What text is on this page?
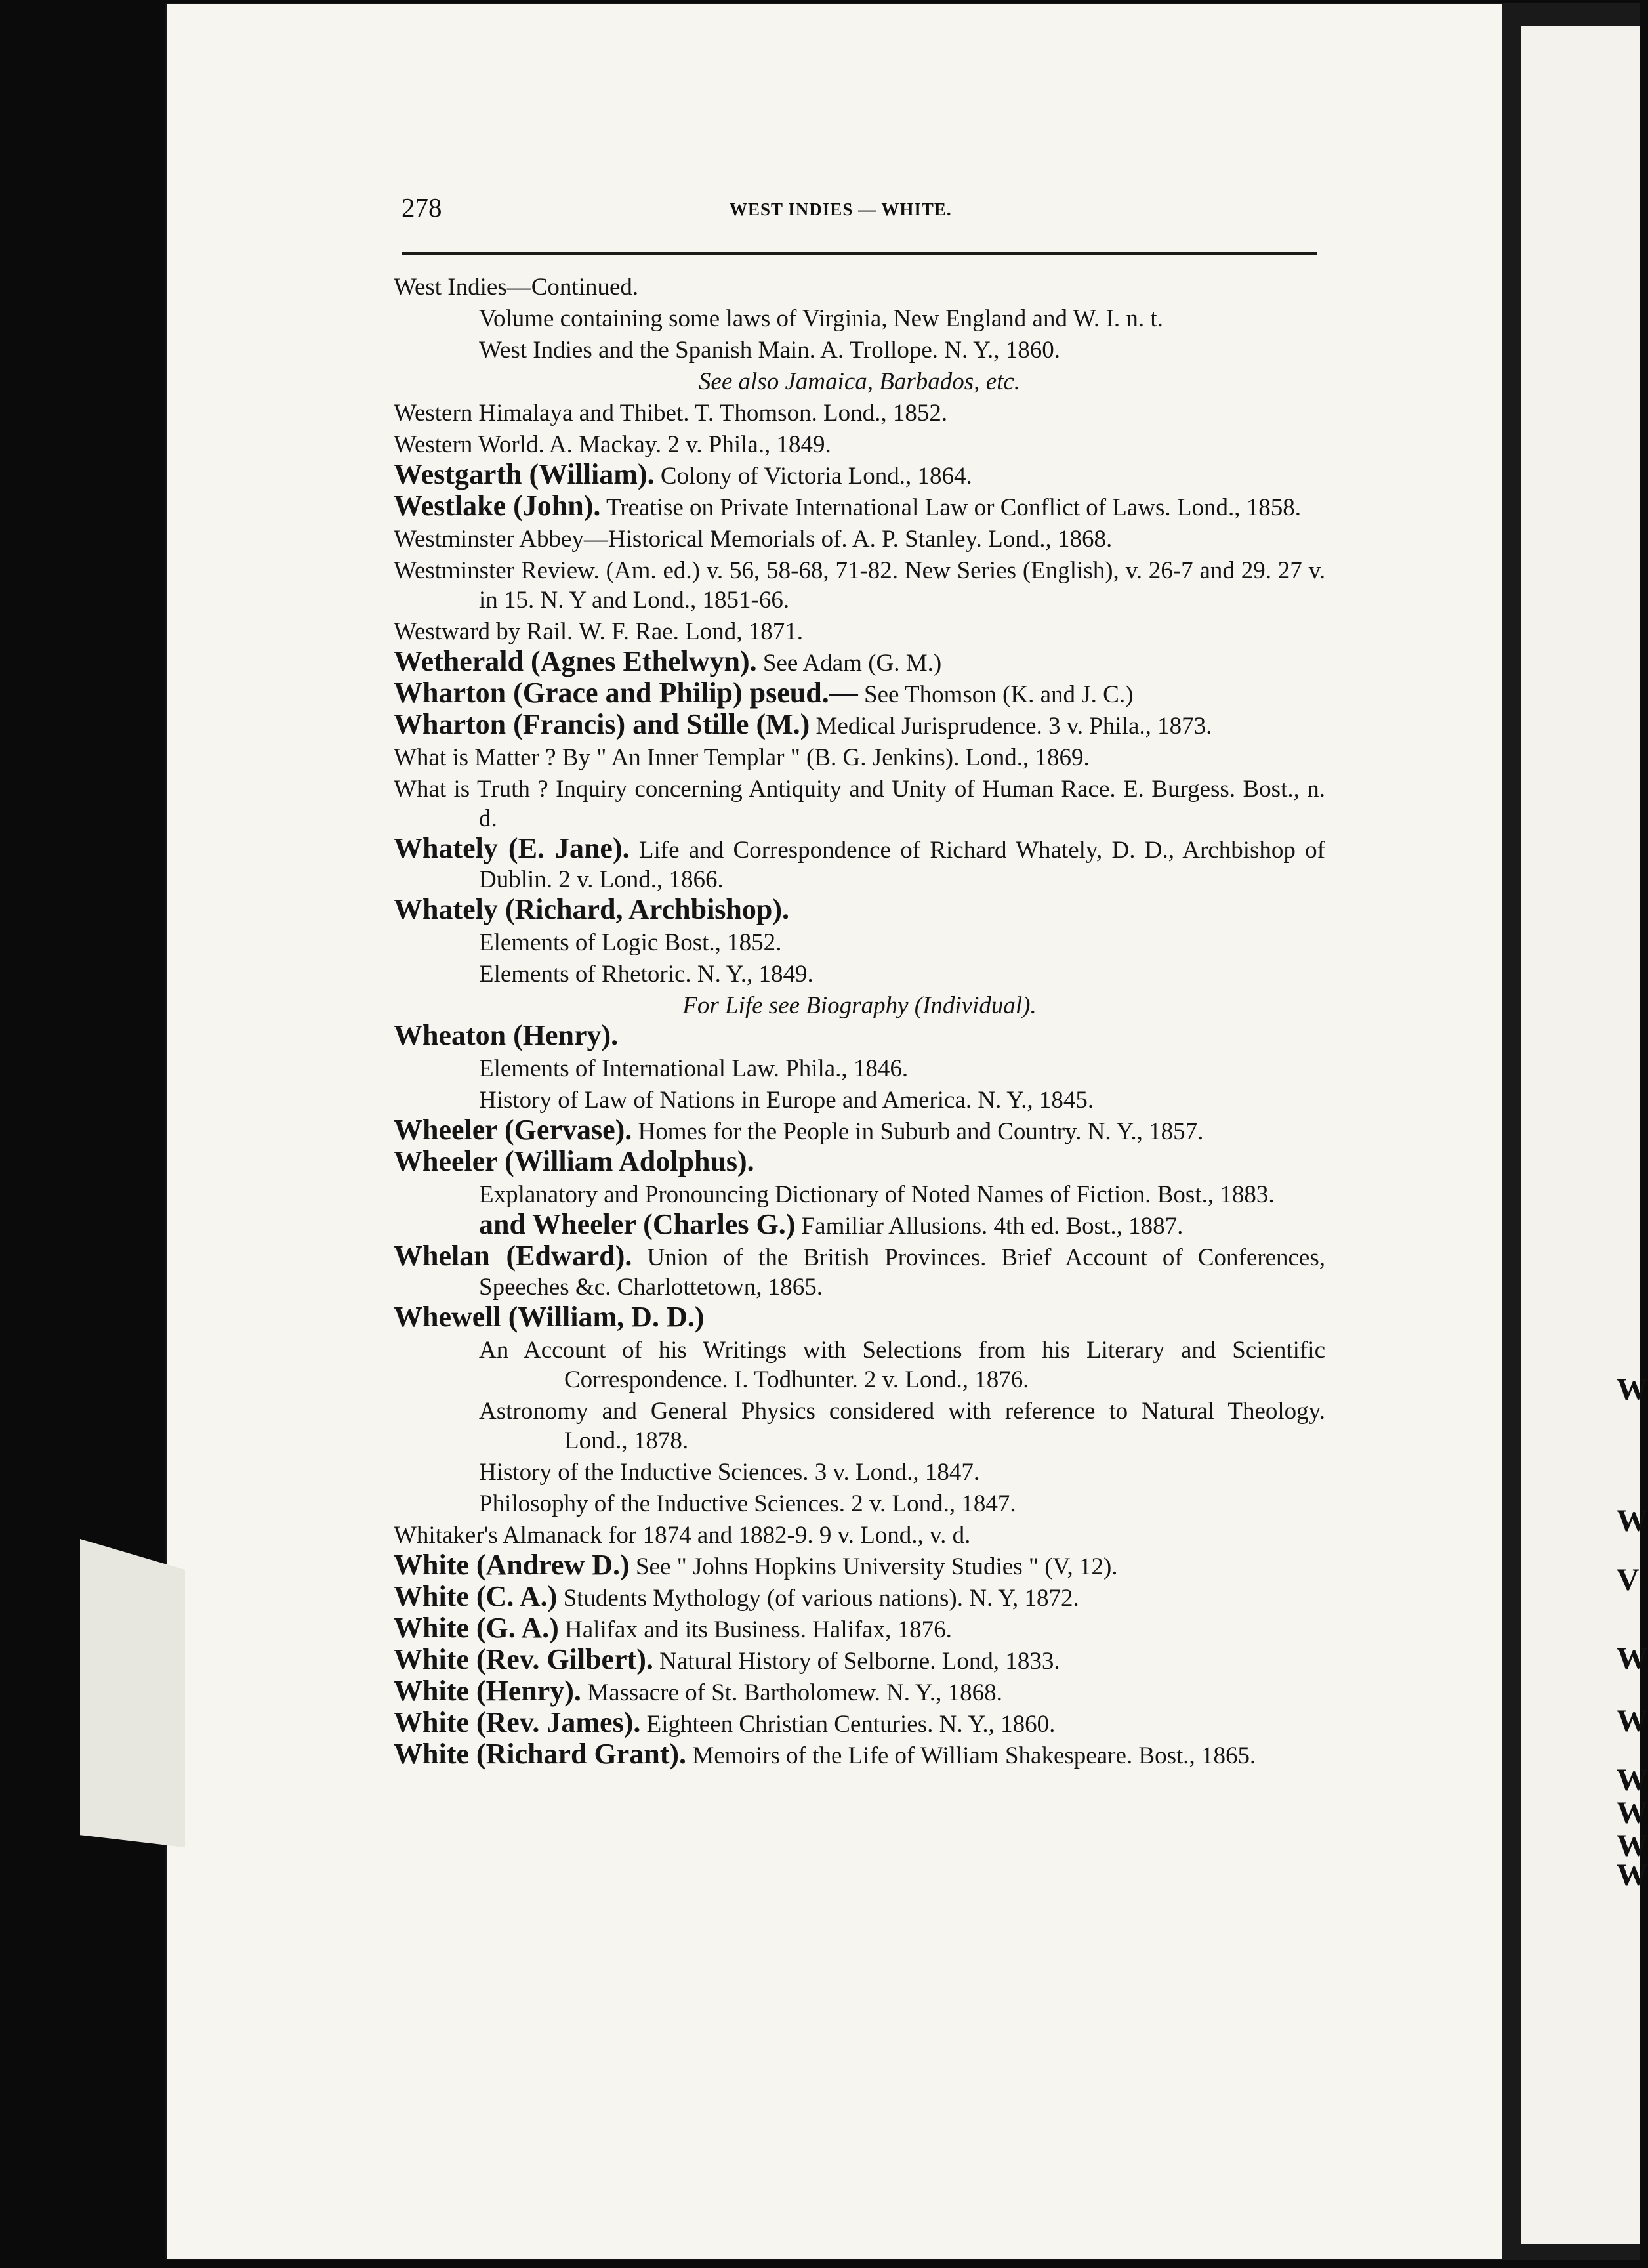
W
W
V
W
W
W
W
W
W
278	WEST INDIES — WHITE.
West Indies—Continued.
Volume containing some laws of Virginia, New England and W. I. n. t.
West Indies and the Spanish Main. A. Trollope. N. Y., 1860.
See also Jamaica, Barbados, etc.
Western Himalaya and Thibet. T. Thomson. Lond., 1852.
Western World. A. Mackay. 2 v. Phila., 1849.
Westgarth (William). Colony of Victoria Lond., 1864.
Westlake (John). Treatise on Private International Law or Conflict of Laws. Lond., 1858.
Westminster Abbey—Historical Memorials of. A. P. Stanley. Lond., 1868.
Westminster Review. (Am. ed.) v. 56, 58-68, 71-82. New Series (English), v. 26-7 and 29. 27 v. in 15. N. Y and Lond., 1851-66.
Westward by Rail. W. F. Rae. Lond, 1871.
Wetherald (Agnes Ethelwyn). See Adam (G. M.)
Wharton (Grace and Philip) pseud.— See Thomson (K. and J. C.)
Wharton (Francis) and Stille (M.) Medical Jurisprudence. 3 v. Phila., 1873.
What is Matter ? By " An Inner Templar " (B. G. Jenkins). Lond., 1869.
What is Truth ? Inquiry concerning Antiquity and Unity of Human Race. E. Burgess. Bost., n. d.
Whately (E. Jane). Life and Correspondence of Richard Whately, D. D., Archbishop of Dublin. 2 v. Lond., 1866.
Whately (Richard, Archbishop).
Elements of Logic Bost., 1852.
Elements of Rhetoric. N. Y., 1849.
For Life see Biography (Individual).
Wheaton (Henry).
Elements of International Law. Phila., 1846.
History of Law of Nations in Europe and America. N. Y., 1845.
Wheeler (Gervase). Homes for the People in Suburb and Country. N. Y., 1857.
Wheeler (William Adolphus).
Explanatory and Pronouncing Dictionary of Noted Names of Fiction. Bost., 1883.
and Wheeler (Charles G.) Familiar Allusions. 4th ed. Bost., 1887.
Whelan (Edward). Union of the British Provinces. Brief Account of Conferences, Speeches &c. Charlottetown, 1865.
Whewell (William, D. D.)
An Account of his Writings with Selections from his Literary and Scientific Correspondence. I. Todhunter. 2 v. Lond., 1876.
Astronomy and General Physics considered with reference to Natural Theology. Lond., 1878.
History of the Inductive Sciences. 3 v. Lond., 1847.
Philosophy of the Inductive Sciences. 2 v. Lond., 1847.
Whitaker's Almanack for 1874 and 1882-9. 9 v. Lond., v. d.
White (Andrew D.) See " Johns Hopkins University Studies " (V, 12).
White (C. A.) Students Mythology (of various nations). N. Y, 1872.
White (G. A.) Halifax and its Business. Halifax, 1876.
White (Rev. Gilbert). Natural History of Selborne. Lond, 1833.
White (Henry). Massacre of St. Bartholomew. N. Y., 1868.
White (Rev. James). Eighteen Christian Centuries. N. Y., 1860.
White (Richard Grant). Memoirs of the Life of William Shakespeare. Bost., 1865.
